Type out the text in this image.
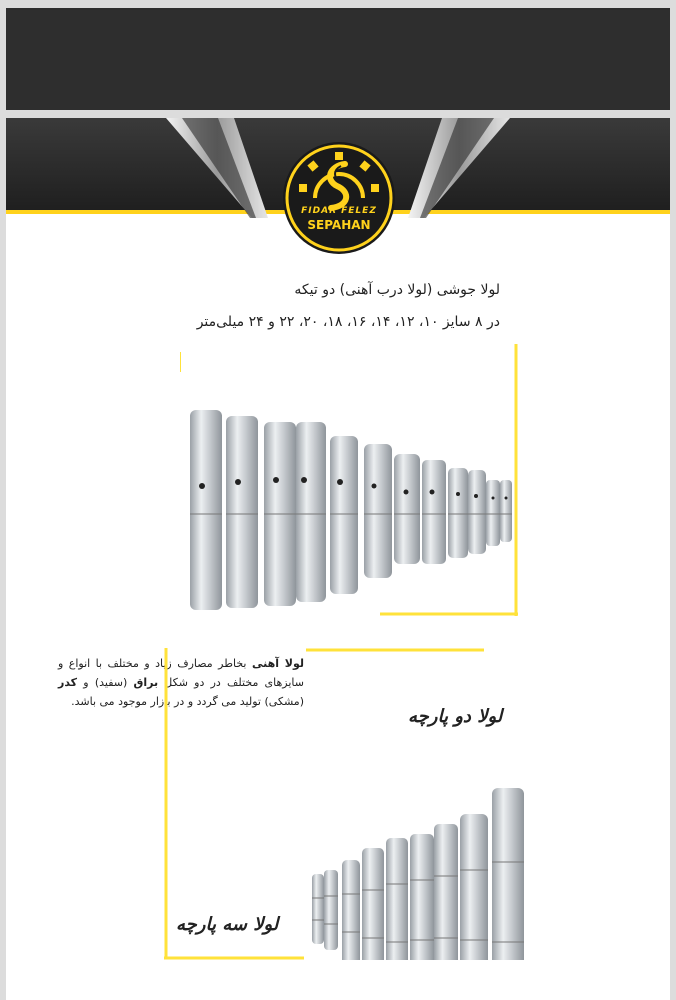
FIDAR FELEZ
SEPAHAN
لولا جوشی (لولا درب آهنی) دو تیکه
در ۸ سایز ۱۰، ۱۲، ۱۴، ۱۶، ۱۸، ۲۰، ۲۲ و ۲۴ میلی‌متر
لولا دو پارچه
لولا آهنی بخاطر مصارف زیاد و مختلف با انواع و سایزهای مختلف در دو شکل براق (سفید) و کدر (مشکی) تولید می گردد و در بازار موجود می باشد.
لولا سه پارچه
